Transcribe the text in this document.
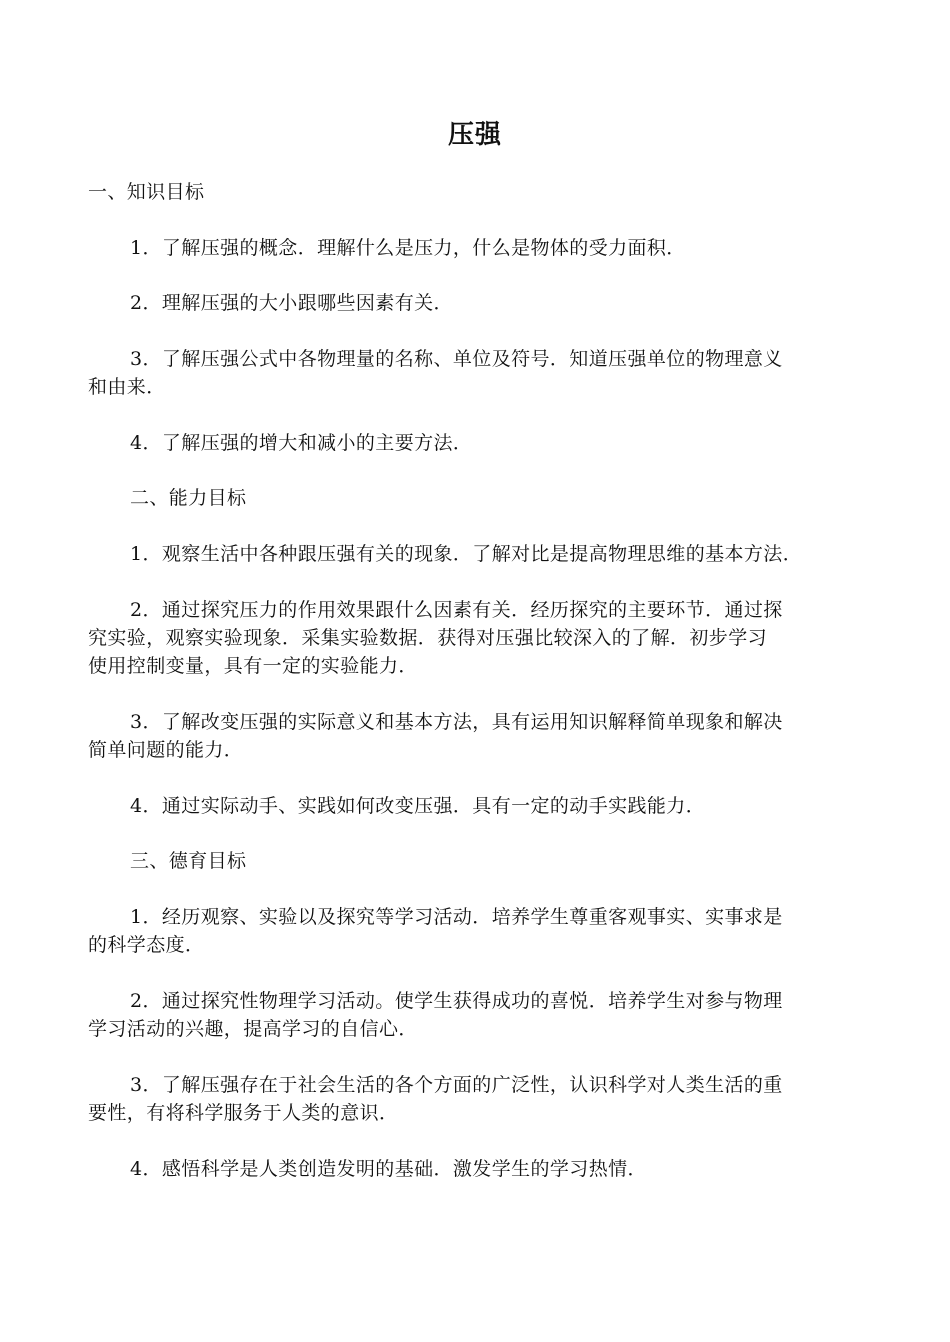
压强
一、知识目标
1．了解压强的概念．理解什么是压力，什么是物体的受力面积．
2．理解压强的大小跟哪些因素有关．
3．了解压强公式中各物理量的名称、单位及符号．知道压强单位的物理意义
和由来．
4．了解压强的增大和减小的主要方法．
二、能力目标
1．观察生活中各种跟压强有关的现象．了解对比是提高物理思维的基本方法．
2．通过探究压力的作用效果跟什么因素有关．经历探究的主要环节．通过探
究实验，观察实验现象．采集实验数据．获得对压强比较深入的了解．初步学习
使用控制变量，具有一定的实验能力．
3．了解改变压强的实际意义和基本方法，具有运用知识解释简单现象和解决
简单问题的能力．
4．通过实际动手、实践如何改变压强．具有一定的动手实践能力．
三、德育目标
1．经历观察、实验以及探究等学习活动．培养学生尊重客观事实、实事求是
的科学态度．
2．通过探究性物理学习活动。使学生获得成功的喜悦．培养学生对参与物理
学习活动的兴趣，提高学习的自信心．
3．了解压强存在于社会生活的各个方面的广泛性，认识科学对人类生活的重
要性，有将科学服务于人类的意识．
4．感悟科学是人类创造发明的基础．激发学生的学习热情．
